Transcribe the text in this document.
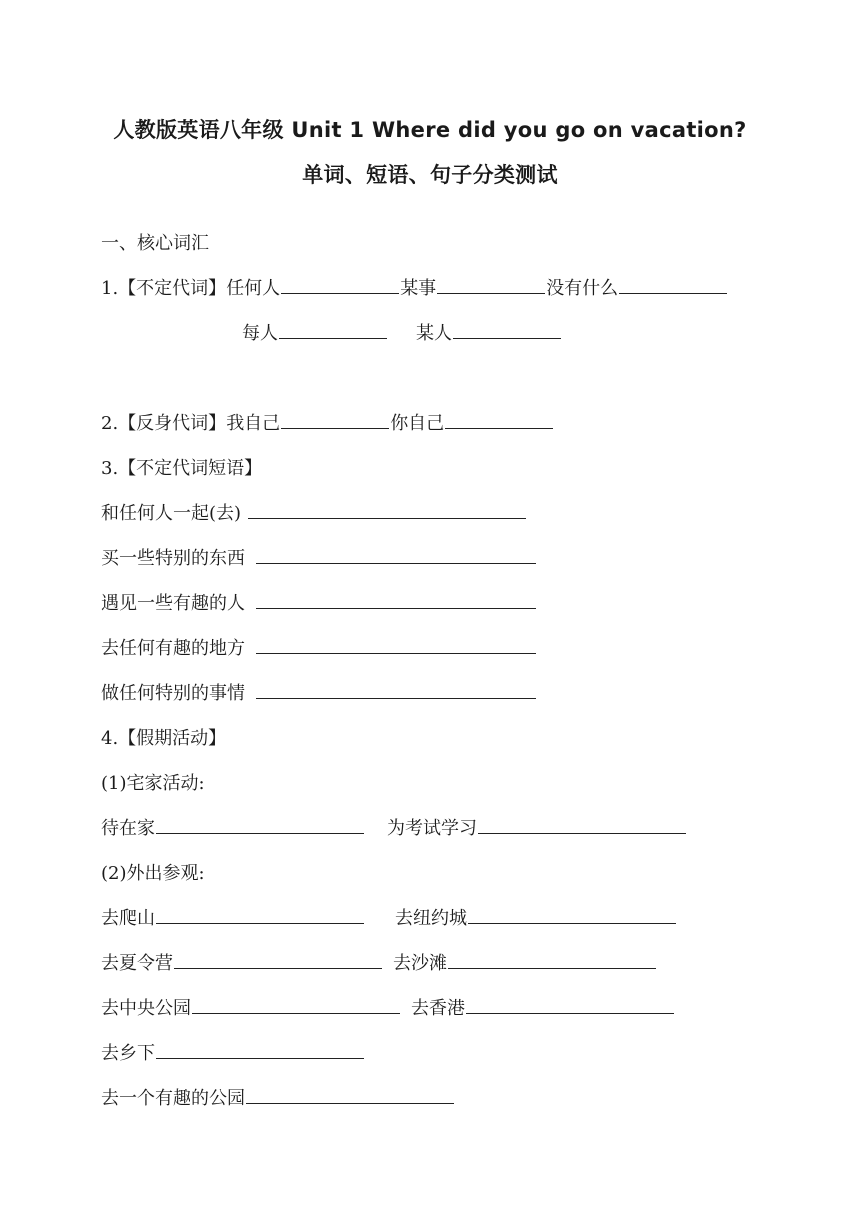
人教版英语八年级 Unit 1 Where did you go on vacation?
单词、短语、句子分类测试
一、核心词汇
1.【不定代词】任何人	某事	没有什么
每人	某人
2.【反身代词】我自己	你自己
3.【不定代词短语】
和任何人一起(去)
买一些特别的东西
遇见一些有趣的人
去任何有趣的地方
做任何特别的事情
4.【假期活动】
(1)宅家活动:
待在家	为考试学习
(2)外出参观:
去爬山	去纽约城
去夏令营	去沙滩
去中央公园	去香港
去乡下
去一个有趣的公园
